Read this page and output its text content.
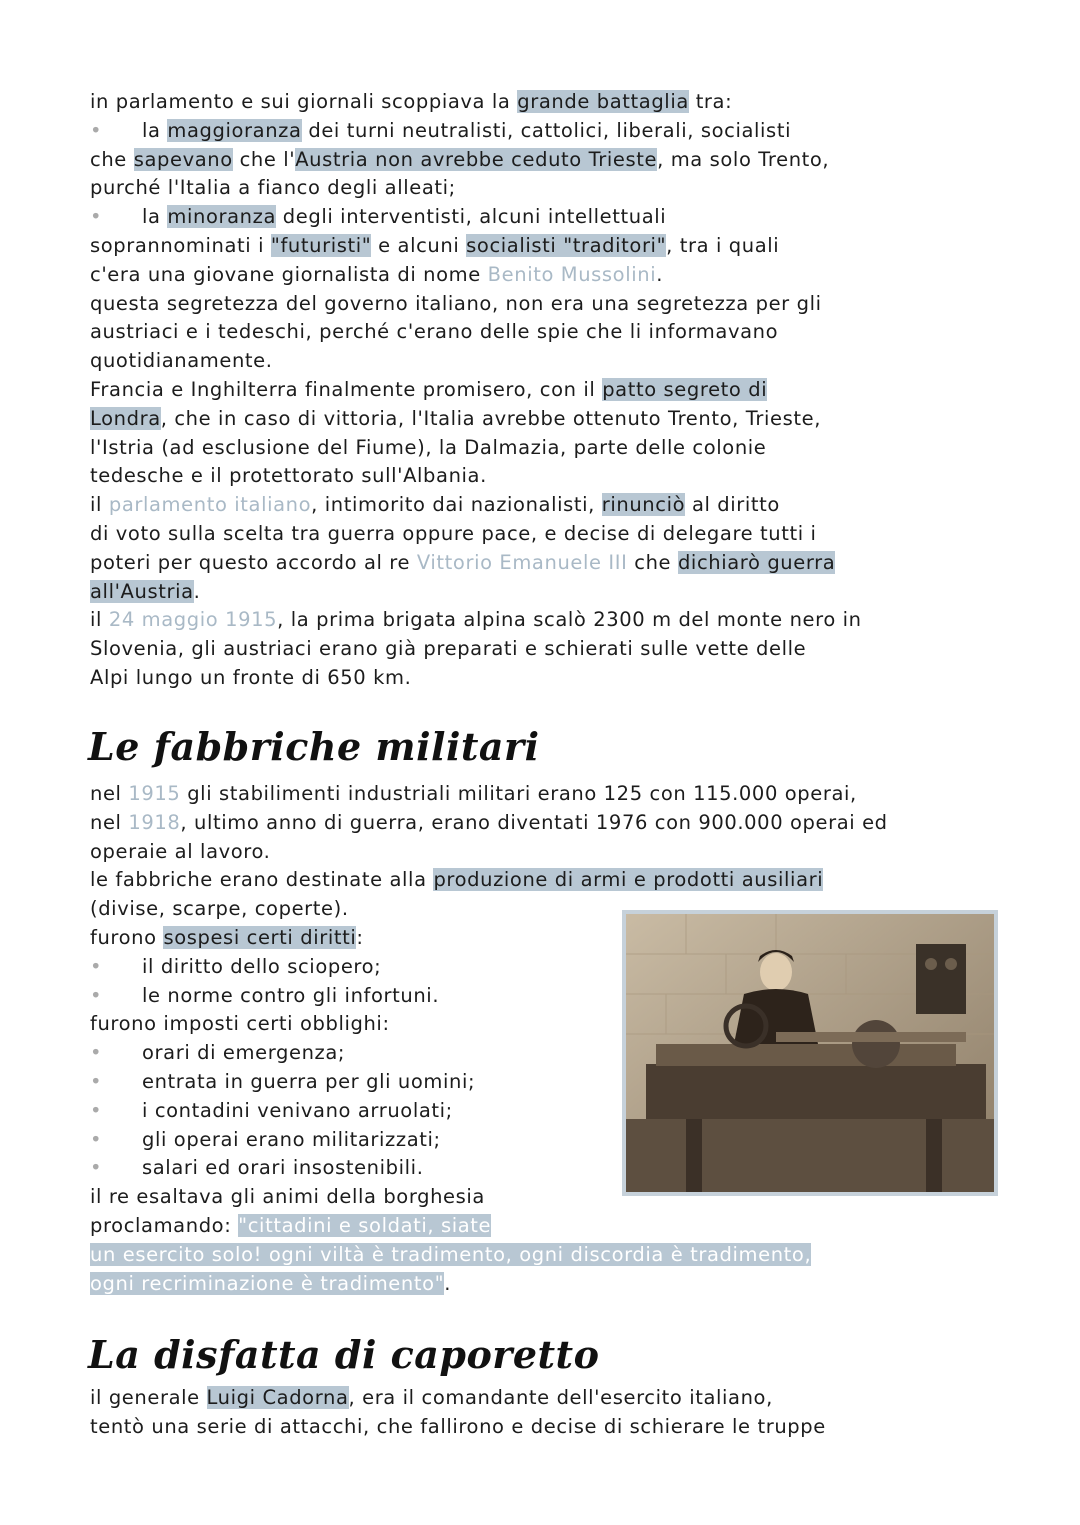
in parlamento e sui giornali scoppiava la grande battaglia tra:
• la maggioranza dei turni neutralisti, cattolici, liberali, socialisti
che sapevano che l'Austria non avrebbe ceduto Trieste, ma solo Trento,
purché l'Italia a fianco degli alleati;
• la minoranza degli interventisti, alcuni intellettuali
soprannominati i "futuristi" e alcuni socialisti "traditori", tra i quali
c'era una giovane giornalista di nome Benito Mussolini.
questa segretezza del governo italiano, non era una segretezza per gli
austriaci e i tedeschi, perché c'erano delle spie che li informavano
quotidianamente.
Francia e Inghilterra finalmente promisero, con il patto segreto di
Londra, che in caso di vittoria, l'Italia avrebbe ottenuto Trento, Trieste,
l'Istria (ad esclusione del Fiume), la Dalmazia, parte delle colonie
tedesche e il protettorato sull'Albania.
il parlamento italiano, intimorito dai nazionalisti, rinunciò al diritto
di voto sulla scelta tra guerra oppure pace, e decise di delegare tutti i
poteri per questo accordo al re Vittorio Emanuele III che dichiarò guerra
all'Austria.
il 24 maggio 1915, la prima brigata alpina scalò 2300 m del monte nero in
Slovenia, gli austriaci erano già preparati e schierati sulle vette delle
Alpi lungo un fronte di 650 km.
Le fabbriche militari
nel 1915 gli stabilimenti industriali militari erano 125 con 115.000 operai,
nel 1918, ultimo anno di guerra, erano diventati 1976 con 900.000 operai ed
operaie al lavoro.
le fabbriche erano destinate alla produzione di armi e prodotti ausiliari
(divise, scarpe, coperte).
furono sospesi certi diritti:
• il diritto dello sciopero;
• le norme contro gli infortuni.
furono imposti certi obblighi:
• orari di emergenza;
• entrata in guerra per gli uomini;
• i contadini venivano arruolati;
• gli operai erano militarizzati;
• salari ed orari insostenibili.
il re esaltava gli animi della borghesia
proclamando: "cittadini e soldati, siate
un esercito solo! ogni viltà è tradimento, ogni discordia è tradimento,
ogni recriminazione è tradimento".
La disfatta di caporetto
il generale Luigi Cadorna, era il comandante dell'esercito italiano,
tentò una serie di attacchi, che fallirono e decise di schierare le truppe
